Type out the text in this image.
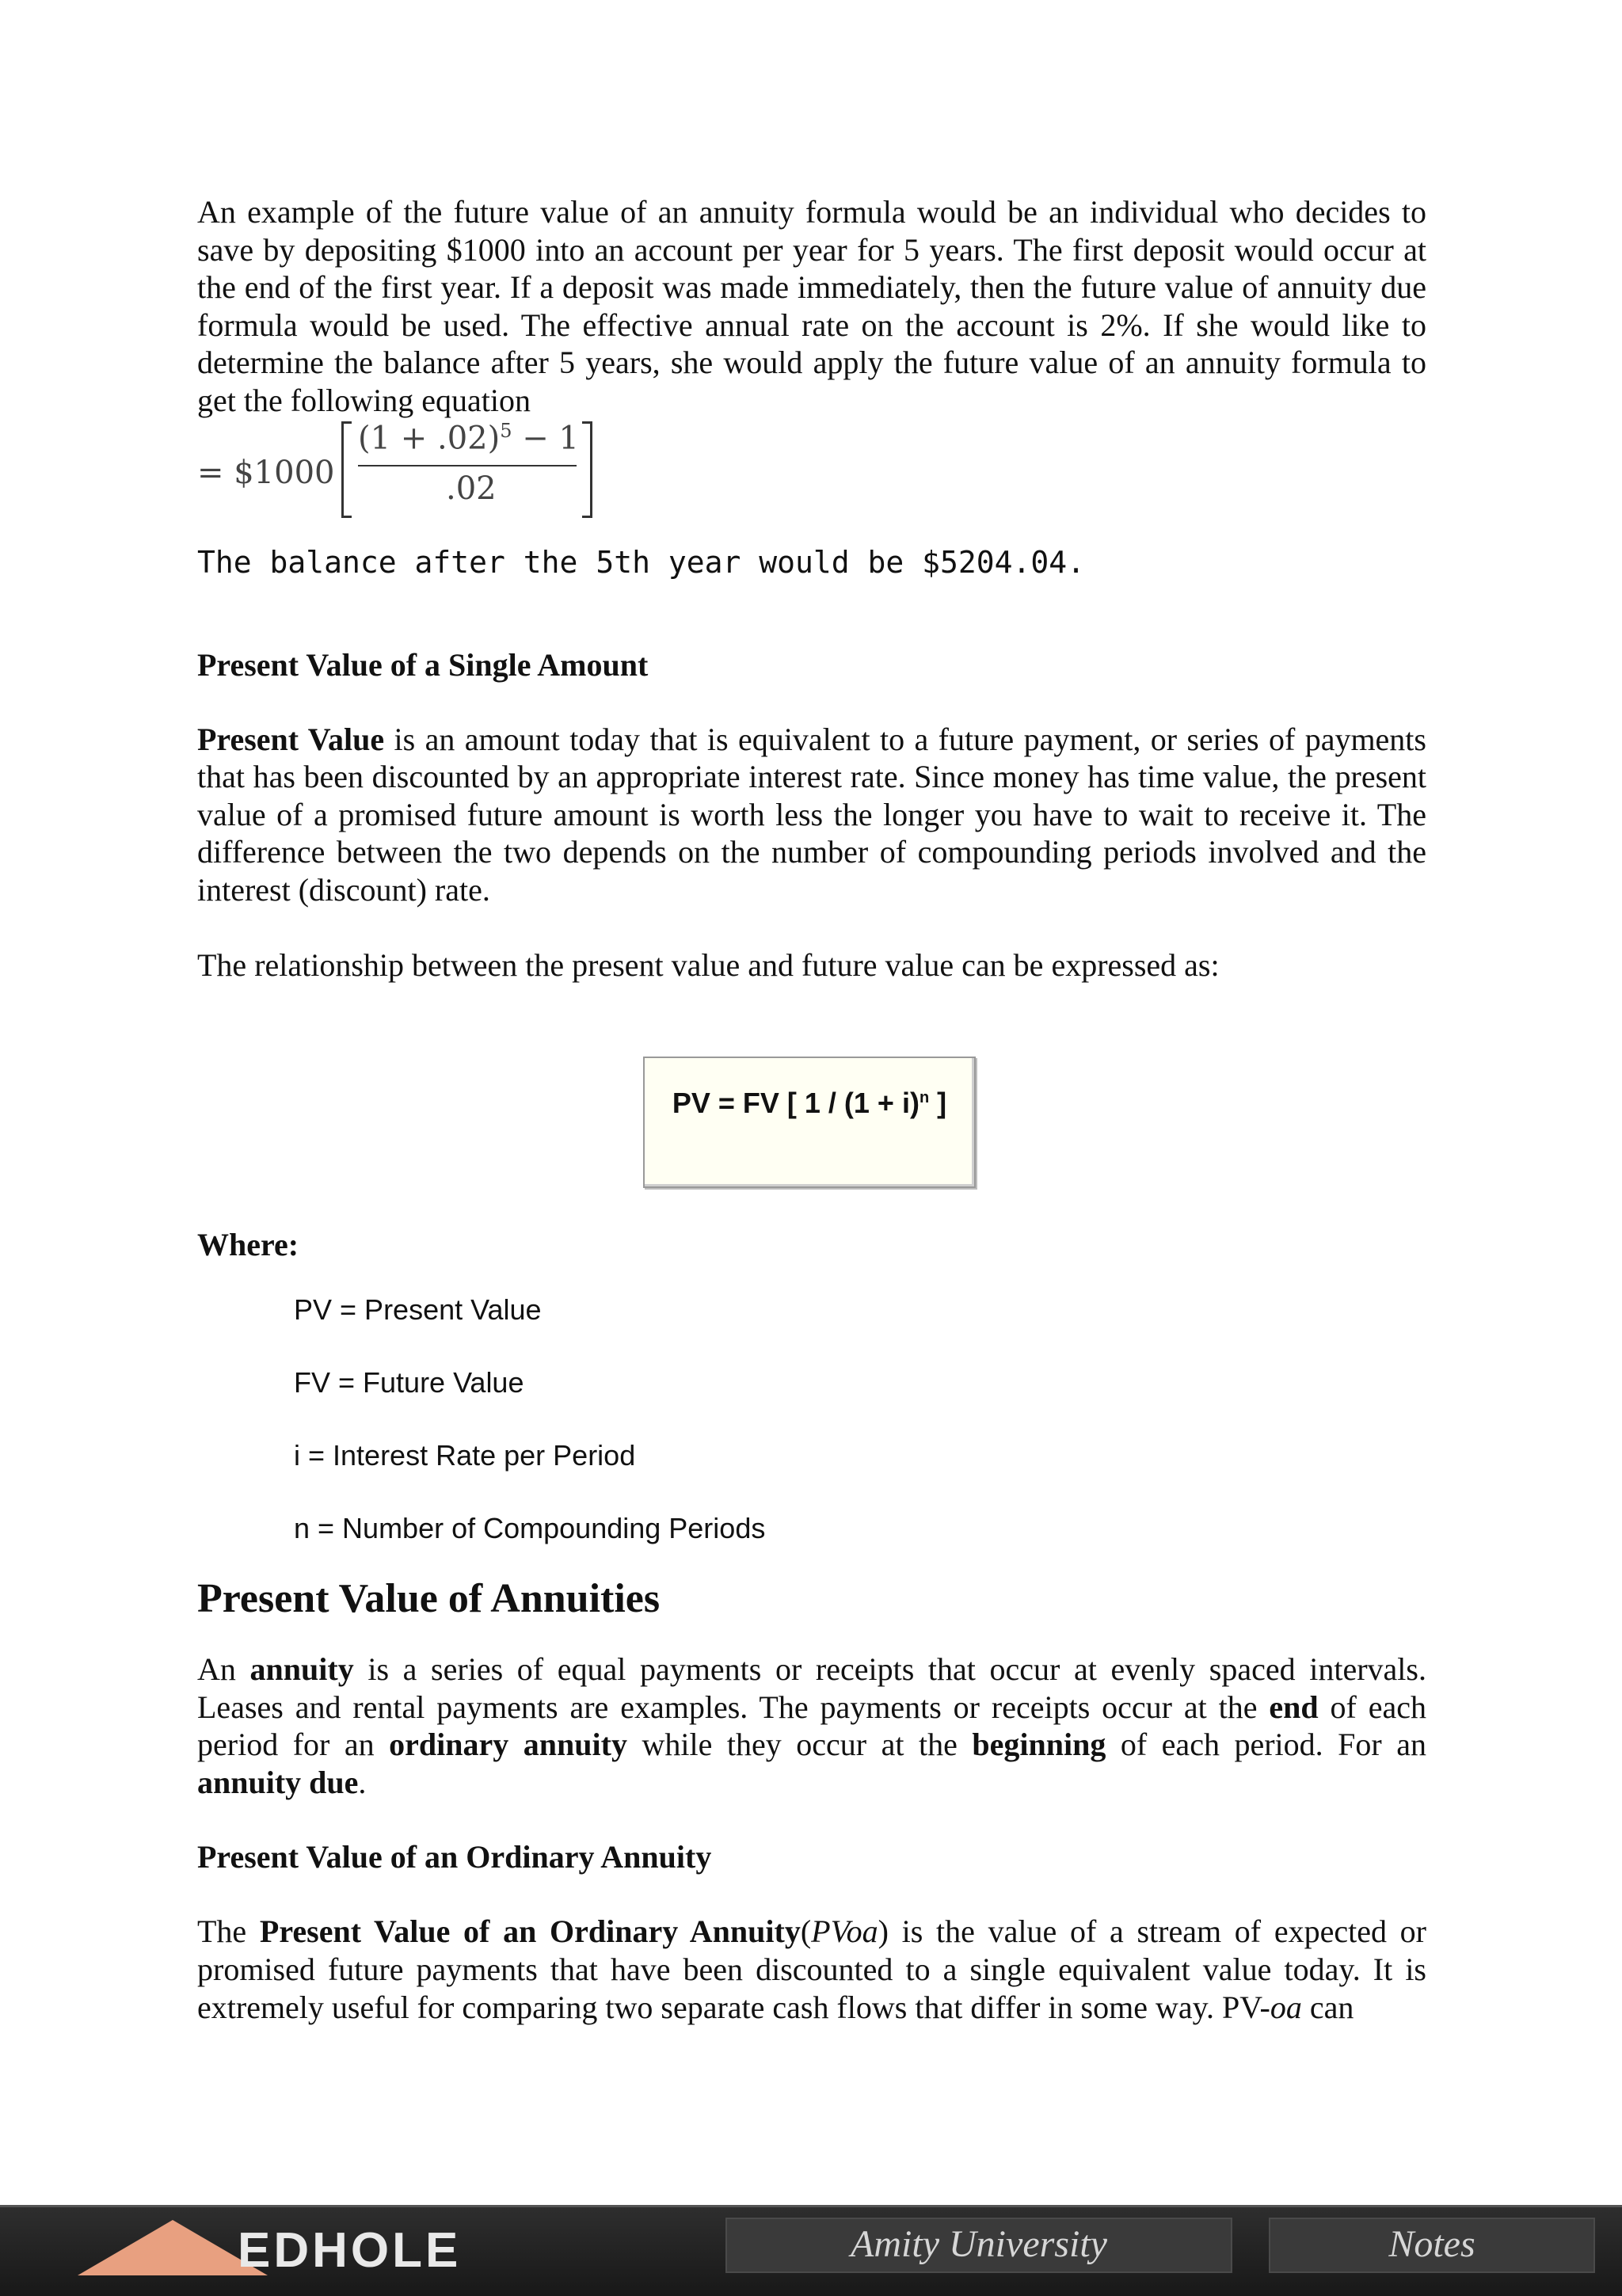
An example of the future value of an annuity formula would be an individual who decides to save by depositing $1000 into an account per year for 5 years. The first deposit would occur at the end of the first year. If a deposit was made immediately, then the future value of annuity due formula would be used. The effective annual rate on the account is 2%. If she would like to determine the balance after 5 years, she would apply the future value of an annuity formula to get the following equation

= $1000
$(1 + .02)^5 - 1$
.02

The balance after the 5th year would be $5204.04.

Present Value of a Single Amount

Present Value is an amount today that is equivalent to a future payment, or series of payments that has been discounted by an appropriate interest rate. Since money has time value, the present value of a promised future amount is worth less the longer you have to wait to receive it. The difference between the two depends on the number of compounding periods involved and the interest (discount) rate.

The relationship between the present value and future value can be expressed as:

PV = FV [ $1 / (1 + i)^n$ ]

Where:

PV = Present Value
FV = Future Value
i = Interest Rate per Period
n = Number of Compounding Periods

Present Value of Annuities

An annuity is a series of equal payments or receipts that occur at evenly spaced intervals. Leases and rental payments are examples. The payments or receipts occur at the end of each period for an ordinary annuity while they occur at the beginning of each period. For an annuity due.

Present Value of an Ordinary Annuity

The Present Value of an Ordinary Annuity(PVoa) is the value of a stream of expected or promised future payments that have been discounted to a single equivalent value today. It is extremely useful for comparing two separate cash flows that differ in some way. PV-oa can

EDHOLE	Amity University	Notes
